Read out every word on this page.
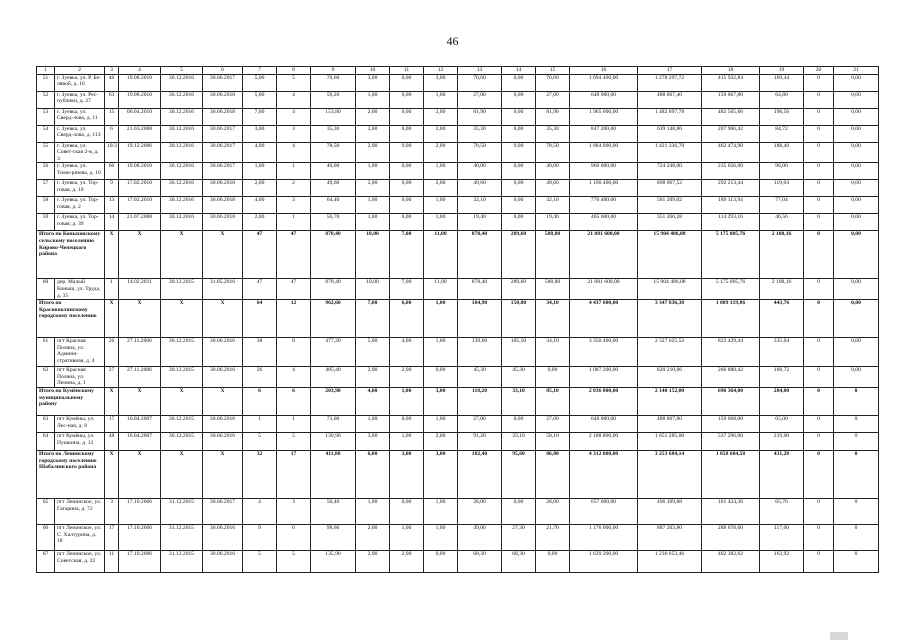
46
1	2	3	4	5	6	7	8	9	10	11	12	13	14	15	16	17	18	19	20	21
51	г. Зуевка, ул. Р. Бе-лявой, д. 16	46	19.08.2010	30.12.2016	30.06.2017	5,00	5	70,60	3,00	0,00	3,00	70,60	0,00	70,60	1 694 400,00	1 278 297,72	415 932,84	169,44	0	0,00
52	г. Зуевка, ул. Рес-публики, д. 27	63	19.08.2010	30.12.2016	30.06.2018	5,00	4	59,20	1,00	0,00	1,00	27,00	0,00	27,00	648 000,00	488 867,40	159 067,80	64,80	0	0,00
53	г. Зуевка, ул. Сверд-лова, д. 11	15	06.04.2010	30.12.2016	30.06.2018	7,00	4	153,80	2,00	0,00	2,00	81,90	0,00	81,90	1 965 600,00	1 482 897,78	482 505,66	196,56	0	0,00
54	г. Зуевка, ул. Сверд-лова, д. 113	6	21.03.2008	30.12.2016	30.06.2017	3,00	3	35,30	2,00	0,00	2,00	35,30	0,00	35,30	847 200,00	639 148,86	207 966,42	84,72	0	0,00
55	г. Зуевка, ул. Совет-ская 2-я, д. 3	10/3	19.12.2006	30.12.2016	30.06.2017	4,00	4	78,50	2,00	0,00	2,00	78,50	0,00	78,50	1 884 000,00	1 421 336,70	462 474,90	188,40	0	0,00
56	г. Зуевка, ул. Тими-рязева, д. 10	66	19.08.2010	30.12.2016	30.06.2017	1,00	1	40,00	1,00	0,00	1,00	40,00	0,00	40,00	960 000,00	724 248,00	235 656,00	96,00	0	0,00
57	г. Зуевка, ул. Тор-говая, д. 10	9	17.02.2010	30.12.2016	30.06.2018	2,00	2	49,60	2,00	0,00	2,00	49,60	0,00	49,60	1 190 400,00	898 067,52	292 213,44	119,04	0	0,00
58	г. Зуевка, ул. Тор-говая, д. 2	13	17.02.2010	30.12.2016	30.06.2018	4,00	3	64,40	1,00	0,00	1,00	32,10	0,00	32,10	770 400,00	581 209,02	189 113,94	77,04	0	0,00
59	г. Зуевка, ул. Тор-говая, д. 39	14	21.07.2008	30.12.2016	30.06.2018	2,00	1	56,70	1,00	0,00	1,00	19,40	0,00	19,40	465 600,00	351 260,28	114 293,16	46,56	0	0,00
Итого по Коныховскому сельскому поселению Кирово-Чепецкого района		X	X	X	X	47	47	878,40	18,00	7,00	11,00	878,40	289,60	588,80	21 081 600,00	15 904 486,08	5 175 005,76	2 108,16	0	0,00
60	дер. Малый Коныш, ул. Труда, д. 35	1	14.02.2011	30.12.2015	31.05.2016	47	47	878,40	18,00	7,00	11,00	878,40	289,60	588,80	21 081 600,00	15 904 486,08	5 175 005,76	2 108,16	0	0,00
Итого по Краснополянскому городскому поселению		X	X	X	X	64	12	962,60	7,00	6,00	1,00	184,90	150,80	34,10	4 437 600,00	3 347 836,38	1 089 319,86	443,76	0	0,00
61	пгт Красная Поляна, ул. Админи-стративная, д. 4	26	27.11.2006	30.12.2015	30.06.2016	38	8	477,20	5,00	4,00	1,00	139,60	105,50	34,10	3 350 400,00	2 527 625,52	822 429,44	335,04	0	0,00
62	пгт Красная Поляна, ул. Ленина, д. 1	27	27.11.2006	30.12.2015	30.06.2016	26	4	485,40	2,00	2,00	0,00	45,30	45,30	0,00	1 087 200,00	820 210,86	266 880,42	108,72	0	0,00
Итого по Кумёнскому муниципальному району		X	X	X	X	6	6	203,90	4,00	1,00	3,00	118,20	33,10	85,10	2 836 800,00	2 140 152,00	696 364,00	284,00	0	0
63	пгт Кумёны, ул. Лес-ная, д. 8	17	16.04.2007	30.12.2015	30.06.2016	1	1	73,00	1,00	0,00	1,00	27,00	0,00	27,00	648 000,00	488 867,00	159 068,00	65,00	0	0
64	пгт Кумёны, ул. Пушкина, д. 12	48	16.04.2007	30.12.2015	30.06.2016	5	5	130,90	3,00	1,00	2,00	91,20	33,10	58,10	2 188 800,00	1 651 285,00	537 296,00	219,00	0	0
Итого по Ленинскому городскому поселению Шабалинского района		X	X	X	X	32	17	411,80	6,00	3,00	3,00	182,40	95,60	86,80	4 312 800,00	3 253 684,14	1 058 684,58	431,28	0	0
65	пгт Ленинское, ул. Гагарина, д. 72	3	17.10.2006	31.12.2015	30.06.2017	4	3	56,40	1,00	0,00	1,00	28,00	0,00	28,00	657 600,00	496 109,88	161 424,36	65,76	0	0
66	пгт Ленинское, ул. С. Халтурина, д. 18	17	17.10.2006	31.12.2015	30.06.2016	9	6	98,60	2,00	1,00	1,00	49,00	27,30	21,70	1 176 000,00	887 203,80	288 678,60	117,60	0	0
67	пгт Ленинское, ул. Советская, д. 22	11	17.10.2006	31.12.2015	30.06.2016	5	5	135,90	2,00	2,00	0,00	68,30	68,30	0,00	1 639 200,00	1 236 653,46	402 382,62	163,92	0	0
